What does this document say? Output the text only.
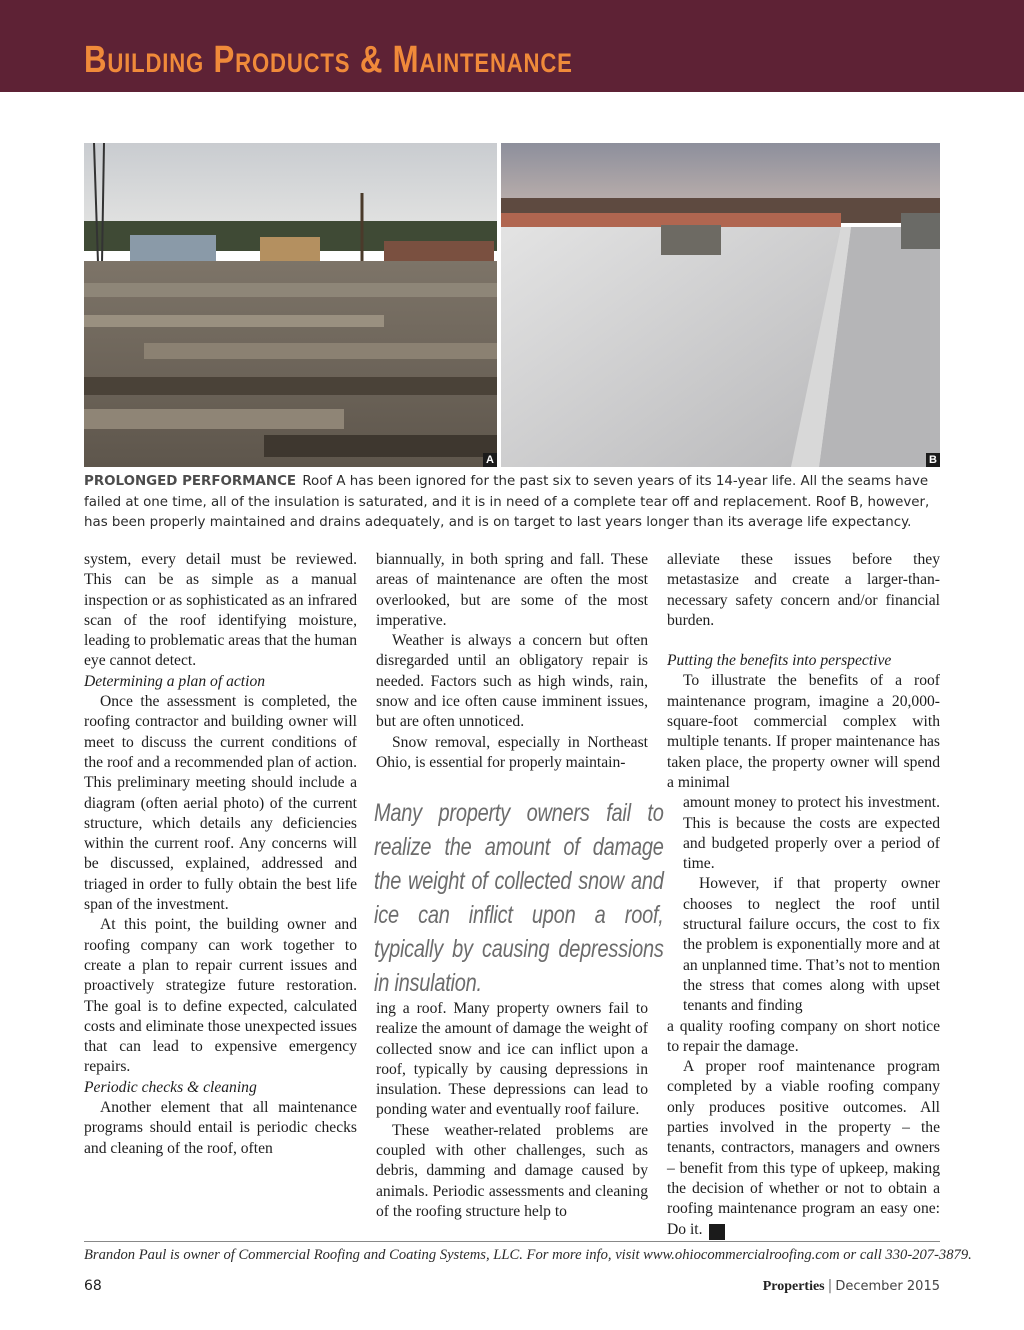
Building Products & Maintenance
A	B
PROLONGED PERFORMANCE Roof A has been ignored for the past six to seven years of its 14-year life. All the seams have failed at one time, all of the insulation is saturated, and it is in need of a complete tear off and replacement. Roof B, however, has been properly maintained and drains adequately, and is on target to last years longer than its average life expectancy.

system, every detail must be reviewed. This can be as simple as a manual inspection or as sophisticated as an infrared scan of the roof identifying moisture, leading to problematic areas that the human eye cannot detect.

Determining a plan of action

Once the assessment is completed, the roofing contractor and building owner will meet to discuss the current conditions of the roof and a recommended plan of action. This preliminary meeting should include a diagram (often aerial photo) of the current structure, which details any deficiencies within the current roof. Any concerns will be discussed, explained, addressed and triaged in order to fully obtain the best life span of the investment.

At this point, the building owner and roofing company can work together to create a plan to repair current issues and proactively strategize future restoration. The goal is to define expected, calculated costs and eliminate those unexpected issues that can lead to expensive emergency repairs.

Periodic checks & cleaning

Another element that all maintenance programs should entail is periodic checks and cleaning of the roof, often

biannually, in both spring and fall. These areas of maintenance are often the most overlooked, but are some of the most imperative.

Weather is always a concern but often disregarded until an obligatory repair is needed. Factors such as high winds, rain, snow and ice often cause imminent issues, but are often unnoticed.

Snow removal, especially in Northeast Ohio, is essential for properly maintain-

Many property owners fail to realize the amount of damage the weight of collected snow and ice can inflict upon a roof, typically by causing depressions in insulation.

ing a roof. Many property owners fail to realize the amount of damage the weight of collected snow and ice can inflict upon a roof, typically by causing depressions in insulation. These depressions can lead to ponding water and eventually roof failure.

These weather-related problems are coupled with other challenges, such as debris, damming and damage caused by animals. Periodic assessments and cleaning of the roofing structure help to

alleviate these issues before they metastasize and create a larger-than-necessary safety concern and/or financial burden.

Putting the benefits into perspective

To illustrate the benefits of a roof maintenance program, imagine a 20,000-square-foot commercial complex with multiple tenants. If proper maintenance has taken place, the property owner will spend a minimal

amount money to protect his investment. This is because the costs are expected and budgeted properly over a period of time.

However, if that property owner chooses to neglect the roof until structural failure occurs, the cost to fix the problem is exponentially more and at an unplanned time. That’s not to mention the stress that comes along with upset tenants and finding

a quality roofing company on short notice to repair the damage.

A proper roof maintenance program completed by a viable roofing company only produces positive outcomes. All parties involved in the property – the tenants, contractors, managers and owners – benefit from this type of upkeep, making the decision of whether or not to obtain a roofing maintenance program an easy one: Do it. P

Brandon Paul is owner of Commercial Roofing and Coating Systems, LLC. For more info, visit www.ohiocommercialroofing.com or call 330-207-3879.
68	Properties | December 2015
